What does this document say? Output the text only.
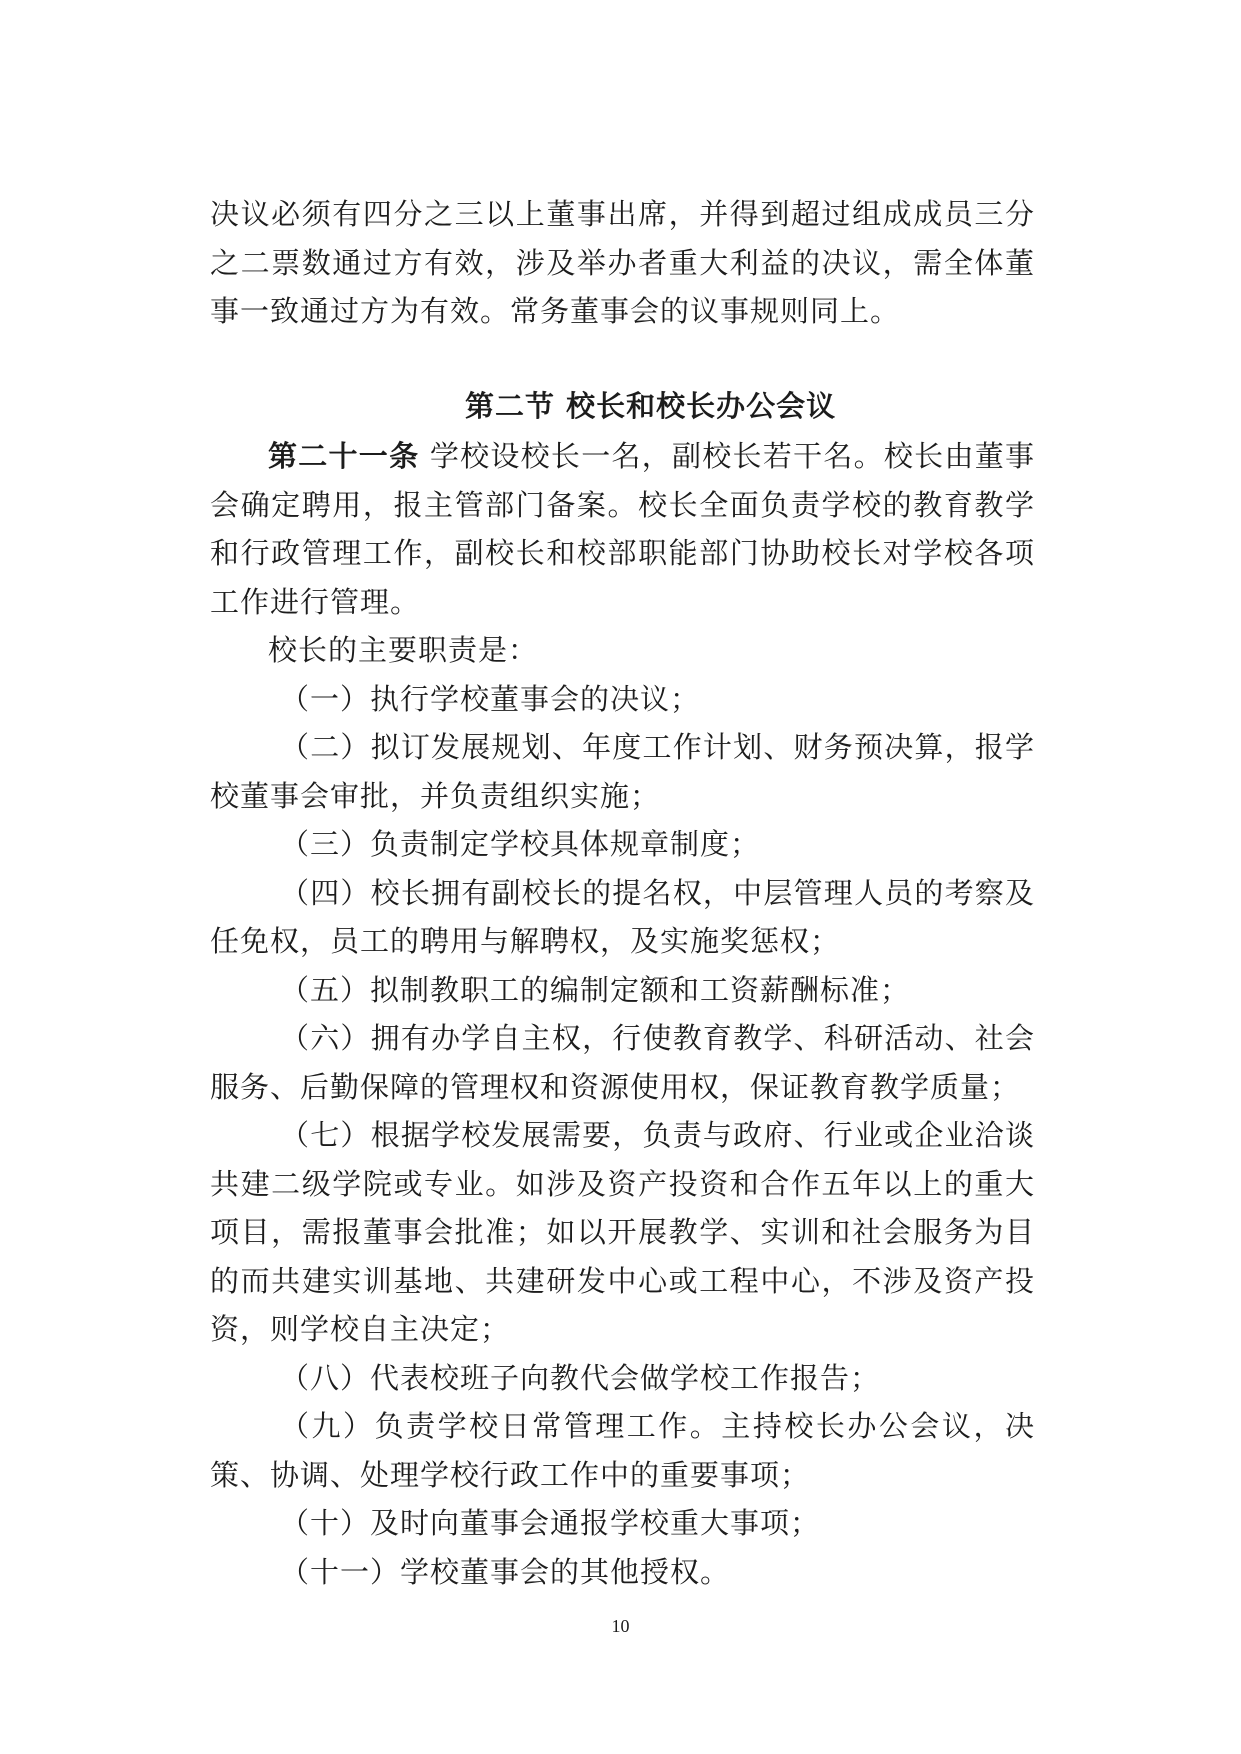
决议必须有四分之三以上董事出席，并得到超过组成成员三分之二票数通过方有效，涉及举办者重大利益的决议，需全体董事一致通过方为有效。常务董事会的议事规则同上。

第二节 校长和校长办公会议

第二十一条 学校设校长一名，副校长若干名。校长由董事会确定聘用，报主管部门备案。校长全面负责学校的教育教学和行政管理工作，副校长和校部职能部门协助校长对学校各项工作进行管理。

校长的主要职责是：

（一）执行学校董事会的决议；

（二）拟订发展规划、年度工作计划、财务预决算，报学校董事会审批，并负责组织实施；

（三）负责制定学校具体规章制度；

（四）校长拥有副校长的提名权，中层管理人员的考察及任免权，员工的聘用与解聘权，及实施奖惩权；

（五）拟制教职工的编制定额和工资薪酬标准；

（六）拥有办学自主权，行使教育教学、科研活动、社会服务、后勤保障的管理权和资源使用权，保证教育教学质量；

（七）根据学校发展需要，负责与政府、行业或企业洽谈共建二级学院或专业。如涉及资产投资和合作五年以上的重大项目，需报董事会批准；如以开展教学、实训和社会服务为目的而共建实训基地、共建研发中心或工程中心，不涉及资产投资，则学校自主决定；

（八）代表校班子向教代会做学校工作报告；

（九）负责学校日常管理工作。主持校长办公会议，决策、协调、处理学校行政工作中的重要事项；

（十）及时向董事会通报学校重大事项；

（十一）学校董事会的其他授权。

10
